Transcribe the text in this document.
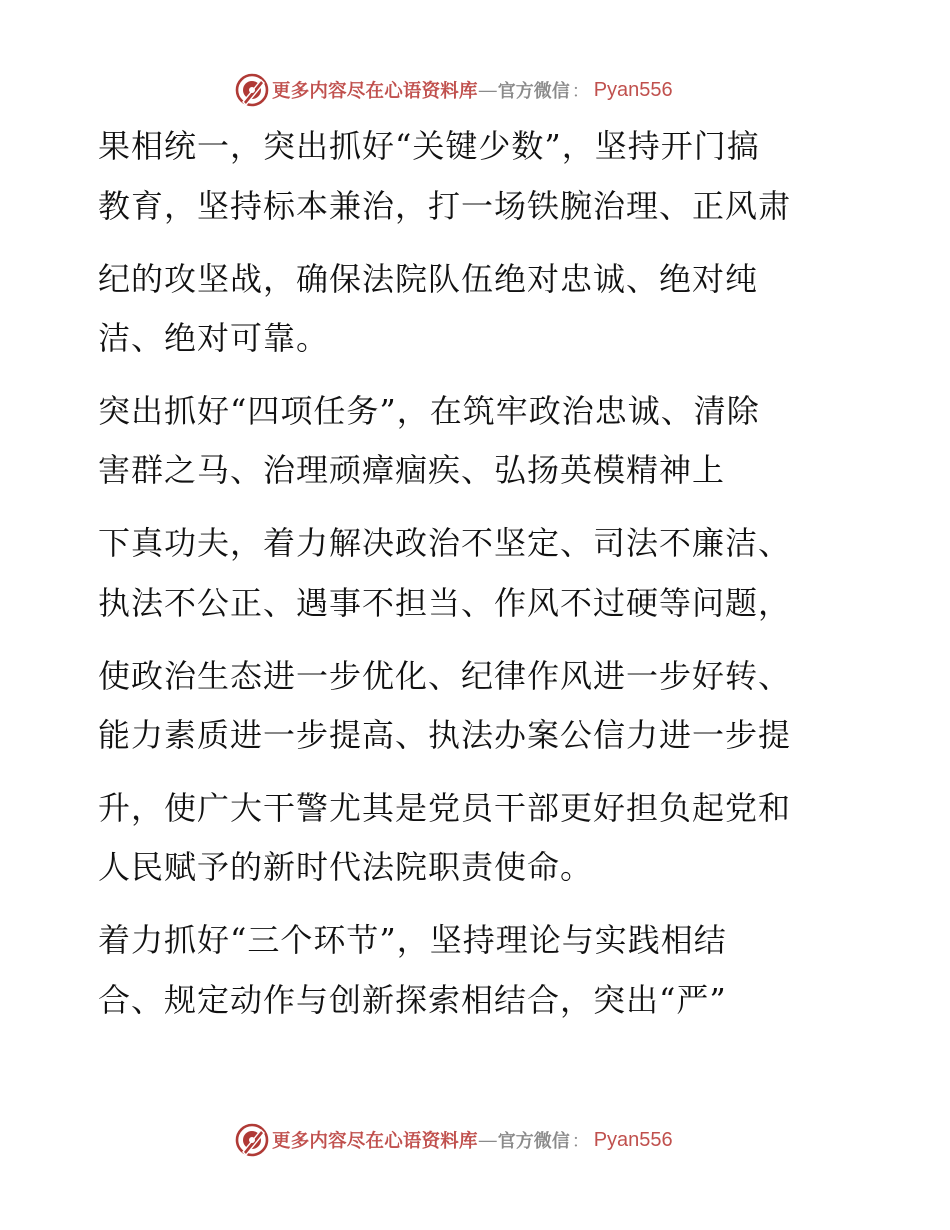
更多内容尽在心语资料库 — 官方微信 ： Pyan556
果相统一，突出抓好“关键少数”，坚持开门搞
教育，坚持标本兼治，打一场铁腕治理、正风肃
纪的攻坚战，确保法院队伍绝对忠诚、绝对纯
洁、绝对可靠。
突出抓好“四项任务”，在筑牢政治忠诚、清除
害群之马、治理顽瘴痼疾、弘扬英模精神上
下真功夫，着力解决政治不坚定、司法不廉洁、
执法不公正、遇事不担当、作风不过硬等问题，
使政治生态进一步优化、纪律作风进一步好转、
能力素质进一步提高、执法办案公信力进一步提
升，使广大干警尤其是党员干部更好担负起党和
人民赋予的新时代法院职责使命。
着力抓好“三个环节”，坚持理论与实践相结
合、规定动作与创新探索相结合，突出“严”
更多内容尽在心语资料库 — 官方微信 ： Pyan556
